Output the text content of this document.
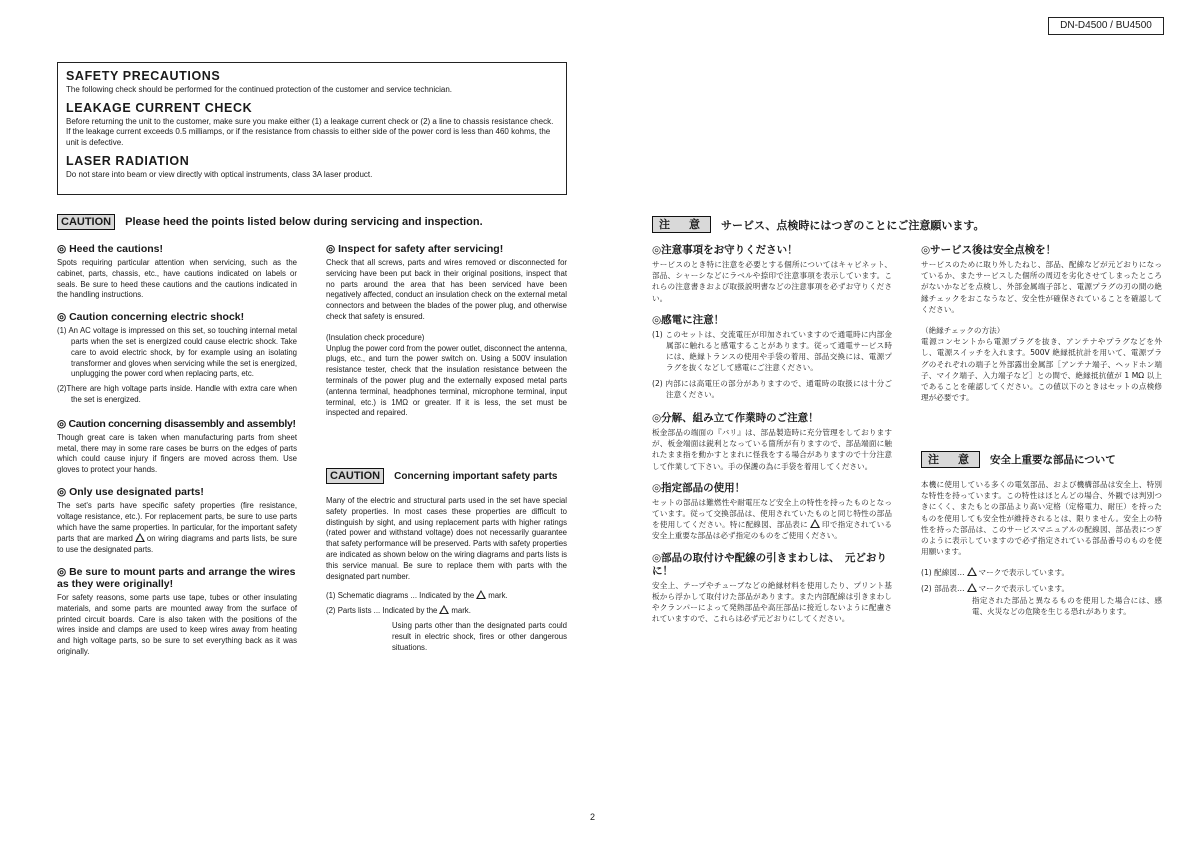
DN-D4500 / BU4500

SAFETY PRECAUTIONS

The following check should be performed for the continued protection of the customer and service technician.

LEAKAGE CURRENT CHECK

Before returning the unit to the customer, make sure you make either (1) a leakage current check or (2) a line to chassis resistance check. If the leakage current exceeds 0.5 milliamps, or if the resistance from chassis to either side of the power cord is less than 460 kohms, the unit is defective.

LASER RADIATION

Do not stare into beam or view directly with optical instruments, class 3A laser product.

CAUTION	Please heed the points listed below during servicing and inspection.

◎ Heed the cautions!

Spots requiring particular attention when servicing, such as the cabinet, parts, chassis, etc., have cautions indicated on labels or seals. Be sure to heed these cautions and the cautions indicated in the handling instructions.

◎ Caution concerning electric shock!

(1) An AC voltage is impressed on this set, so touching internal metal parts when the set is energized could cause electric shock. Take care to avoid electric shock, by for example using an isolating transformer and gloves when servicing while the set is energized, unplugging the power cord when replacing parts, etc.

(2)There are high voltage parts inside. Handle with extra care when the set is energized.

◎ Caution concerning disassembly and assembly!

Though great care is taken when manufacturing parts from sheet metal, there may in some rare cases be burrs on the edges of parts which could cause injury if fingers are moved across them. Use gloves to protect your hands.

◎ Only use designated parts!

The set's parts have specific safety properties (fire resistance, voltage resistance, etc.). For replacement parts, be sure to use parts which have the same properties. In particular, for the important safety parts that are marked on wiring diagrams and parts lists, be sure to use the designated parts.

◎ Be sure to mount parts and arrange the wires as they were originally!

For safety reasons, some parts use tape, tubes or other insulating materials, and some parts are mounted away from the surface of printed circuit boards. Care is also taken with the positions of the wires inside and clamps are used to keep wires away from heating and high voltage parts, so be sure to set everything back as it was originally.

◎ Inspect for safety after servicing!

Check that all screws, parts and wires removed or disconnected for servicing have been put back in their original positions, inspect that no parts around the area that has been serviced have been negatively affected, conduct an insulation check on the external metal connectors and between the blades of the power plug, and otherwise check that safety is ensured.

(Insulation check procedure)

Unplug the power cord from the power outlet, disconnect the antenna, plugs, etc., and turn the power switch on. Using a 500V insulation resistance tester, check that the insulation resistance between the terminals of the power plug and the externally exposed metal parts (antenna terminal, headphones terminal, microphone terminal, input terminal, etc.) is 1MΩ or greater. If it is less, the set must be inspected and repaired.

CAUTION	Concerning important safety parts

Many of the electric and structural parts used in the set have special safety properties. In most cases these properties are difficult to distinguish by sight, and using replacement parts with higher ratings (rated power and withstand voltage) does not necessarily guarantee that safety performance will be preserved. Parts with safety properties are indicated as shown below on the wiring diagrams and parts lists is this service manual. Be sure to replace them with parts with the designated part number.

(1) Schematic diagrams ... Indicated by the mark.

(2) Parts lists ... Indicated by the mark.

Using parts other than the designated parts could result in electric shock, fires or other dangerous situations.

注　意	サービス、点検時にはつぎのことにご注意願います。

◎注意事項をお守りください！

サービスのとき特に注意を必要とする個所についてはキャビネット、部品、シャーシなどにラベルや捺印で注意事項を表示しています。これらの注意書きおよび取扱説明書などの注意事項を必ずお守りください。

◎感電に注意！

(1) このセットは、交流電圧が印加されていますので通電時に内部金属部に触れると感電することがあります。従って通電サービス時には、絶縁トランスの使用や手袋の着用、部品交換には、電源プラグを抜くなどして感電にご注意ください。

(2) 内部には高電圧の部分がありますので、通電時の取扱には十分ご注意ください。

◎分解、組み立て作業時のご注意！

板金部品の端面の『バリ』は、部品製造時に充分管理をしておりますが、板金端面は鋭利となっている箇所が有りますので、部品端面に触れたまま指を動かすとまれに怪我をする場合がありますので十分注意して作業して下さい。手の保護の為に手袋を着用してください。

◎指定部品の使用！

セットの部品は難燃性や耐電圧など安全上の特性を持ったものとなっています。従って交換部品は、使用されていたものと同じ特性の部品を使用してください。特に配線図、部品表に 印で指定されている安全上重要な部品は必ず指定のものをご使用ください。

◎部品の取付けや配線の引きまわしは、　元どおりに！

安全上、テープやチューブなどの絶縁材料を使用したり、プリント基板から浮かして取付けた部品があります。また内部配線は引きまわしやクランパーによって発熱部品や高圧部品に接近しないように配慮されていますので、これらは必ず元どおりにしてください。

◎サービス後は安全点検を！

サービスのために取り外したねじ、部品、配線などが元どおりになっているか、またサービスした個所の周辺を劣化させてしまったところがないかなどを点検し、外部金属端子部と、電源プラグの刃の間の絶縁チェックをおこなうなど、安全性が確保されていることを確認してください。

（絶縁チェックの方法）

電源コンセントから電源プラグを抜き、アンテナやプラグなどを外し、電源スイッチを入れます。500V 絶縁抵抗計を用いて、電源プラグのそれぞれの端子と外部露出金属部［アンテナ端子、ヘッドホン端子、マイク端子、入力端子など］との間で、絶縁抵抗値が 1 MΩ 以上であることを確認してください。この値以下のときはセットの点検修理が必要です。

注　意	安全上重要な部品について

本機に使用している多くの電気部品、および機構部品は安全上、特別な特性を持っています。この特性はほとんどの場合、外観では判別つきにくく、またもとの部品より高い定格（定格電力、耐圧）を持ったものを使用しても安全性が維持されるとは、限りません。安全上の特性を持った部品は、このサービスマニュアルの配線図、部品表につぎのように表示していますので必ず指定されている部品番号のものを使用願います。

(1) 配線図… マークで表示しています。

(2) 部品表… マークで表示しています。

指定された部品と異なるものを使用した場合には、感電、火災などの危険を生じる恐れがあります。

2
